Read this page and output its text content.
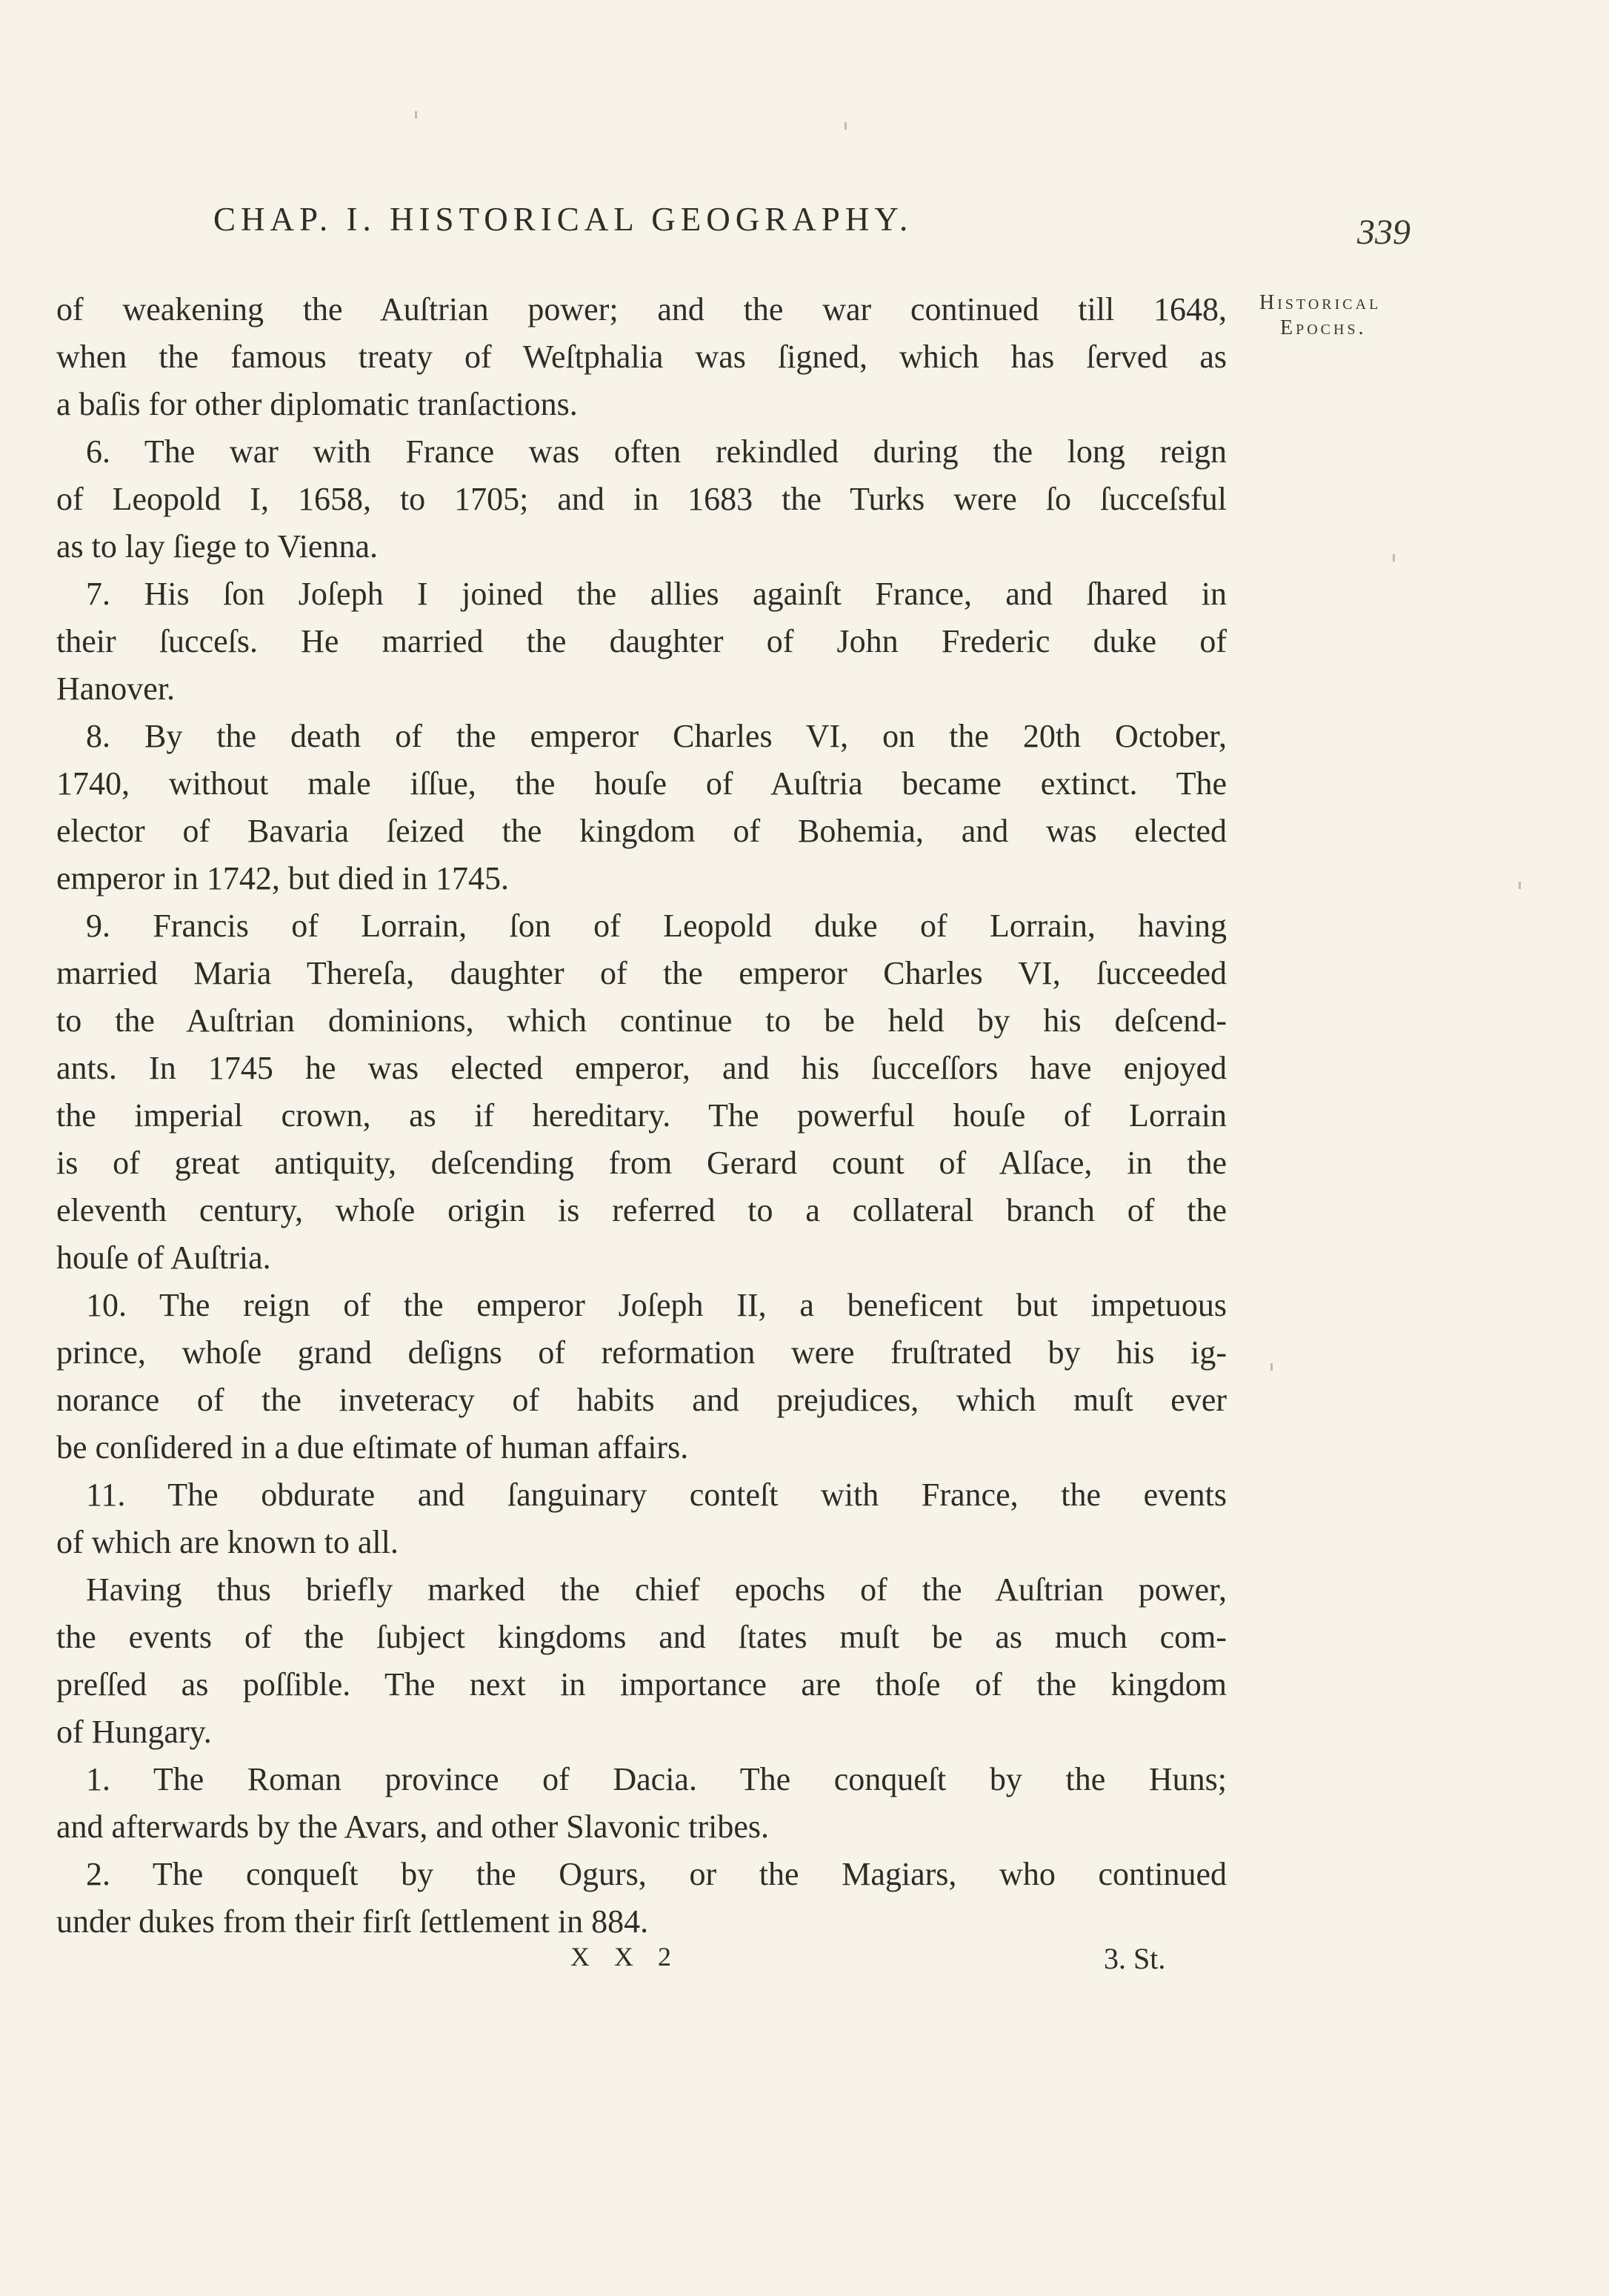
CHAP. I. HISTORICAL GEOGRAPHY.	339
Historical
Epochs.
of weakening the Auſtrian power; and the war continued till 1648,
when the famous treaty of Weſtphalia was ſigned, which has ſerved as
a baſis for other diplomatic tranſactions.
6. The war with France was often rekindled during the long reign
of Leopold I, 1658, to 1705; and in 1683 the Turks were ſo ſucceſsful
as to lay ſiege to Vienna.
7. His ſon Joſeph I joined the allies againſt France, and ſhared in
their ſucceſs. He married the daughter of John Frederic duke of
Hanover.
8. By the death of the emperor Charles VI, on the 20th October,
1740, without male iſſue, the houſe of Auſtria became extinct. The
elector of Bavaria ſeized the kingdom of Bohemia, and was elected
emperor in 1742, but died in 1745.
9. Francis of Lorrain, ſon of Leopold duke of Lorrain, having
married Maria Thereſa, daughter of the emperor Charles VI, ſucceeded
to the Auſtrian dominions, which continue to be held by his deſcend-
ants. In 1745 he was elected emperor, and his ſucceſſors have enjoyed
the imperial crown, as if hereditary. The powerful houſe of Lorrain
is of great antiquity, deſcending from Gerard count of Alſace, in the
eleventh century, whoſe origin is referred to a collateral branch of the
houſe of Auſtria.
10. The reign of the emperor Joſeph II, a beneficent but impetuous
prince, whoſe grand deſigns of reformation were fruſtrated by his ig-
norance of the inveteracy of habits and prejudices, which muſt ever
be conſidered in a due eſtimate of human affairs.
11. The obdurate and ſanguinary conteſt with France, the events
of which are known to all.
Having thus briefly marked the chief epochs of the Auſtrian power,
the events of the ſubject kingdoms and ſtates muſt be as much com-
preſſed as poſſible. The next in importance are thoſe of the kingdom
of Hungary.
1. The Roman province of Dacia. The conqueſt by the Huns;
and afterwards by the Avars, and other Slavonic tribes.
2. The conqueſt by the Ogurs, or the Magiars, who continued
under dukes from their firſt ſettlement in 884.
X X 2	3. St.
